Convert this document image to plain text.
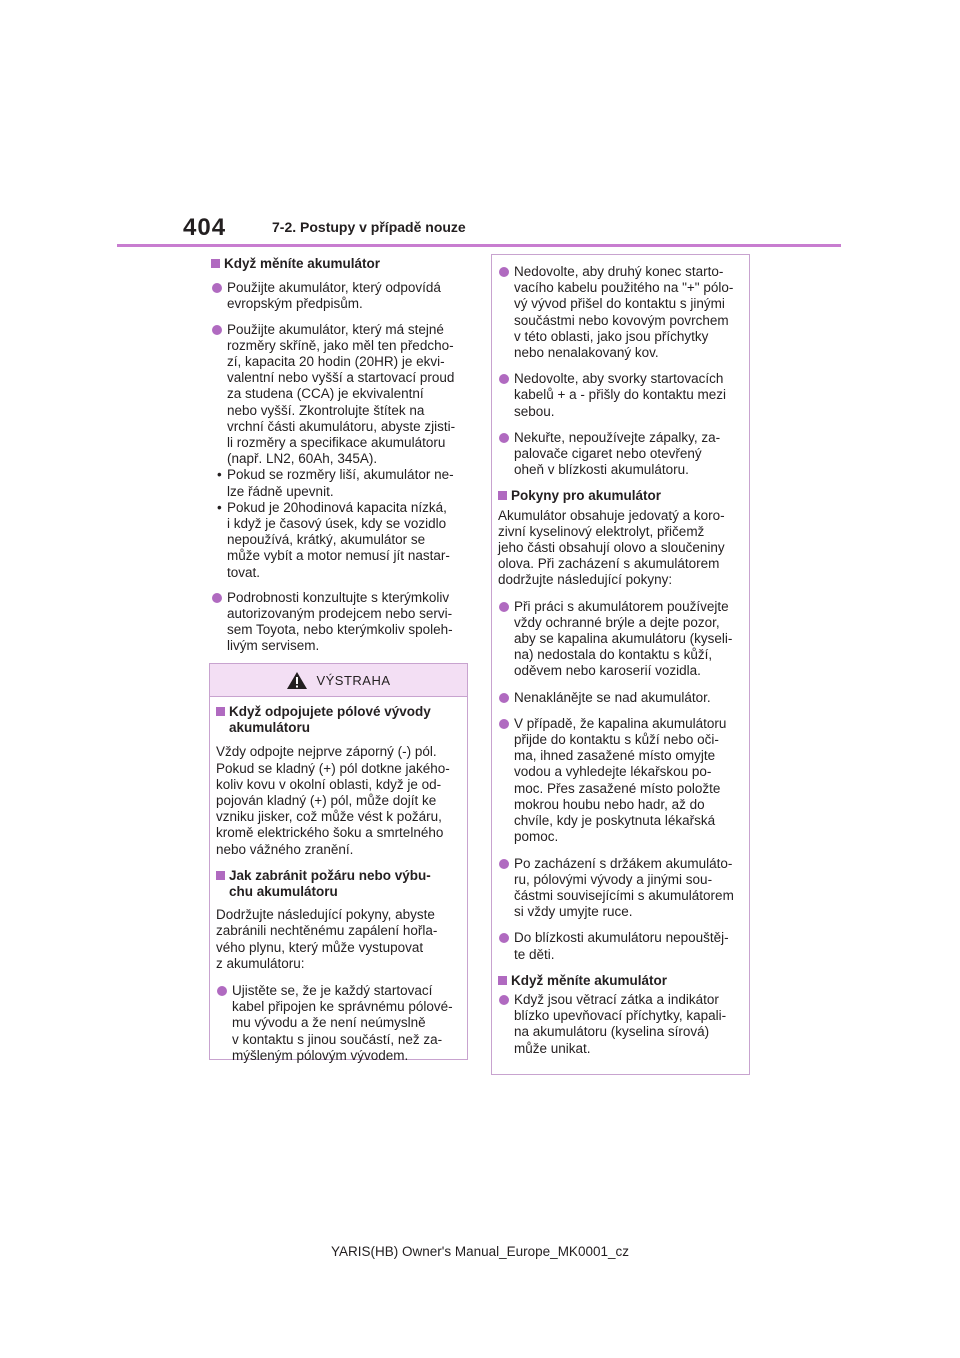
404	7-2. Postupy v případě nouze

Když měníte akumulátor

Použijte akumulátor, který odpovídá
evropským předpisům.

Použijte akumulátor, který má stejné
rozměry skříně, jako měl ten předcho-
zí, kapacita 20 hodin (20HR) je ekvi-
valentní nebo vyšší a startovací proud
za studena (CCA) je ekvivalentní
nebo vyšší. Zkontrolujte štítek na
vrchní části akumulátoru, abyste zjisti-
li rozměry a specifikace akumulátoru
(např. LN2, 60Ah, 345A).

• Pokud se rozměry liší, akumulátor ne-
lze řádně upevnit.

• Pokud je 20hodinová kapacita nízká,
i když je časový úsek, kdy se vozidlo
nepoužívá, krátký, akumulátor se
může vybít a motor nemusí jít nastar-
tovat.

Podrobnosti konzultujte s kterýmkoliv
autorizovaným prodejcem nebo servi-
sem Toyota, nebo kterýmkoliv spoleh-
livým servisem.

VÝSTRAHA

Když odpojujete pólové vývody
akumulátoru

Vždy odpojte nejprve záporný (-) pól.
Pokud se kladný (+) pól dotkne jakého-
koliv kovu v okolní oblasti, když je od-
pojován kladný (+) pól, může dojít ke
vzniku jisker, což může vést k požáru,
kromě elektrického šoku a smrtelného
nebo vážného zranění.

Jak zabránit požáru nebo výbu-
chu akumulátoru

Dodržujte následující pokyny, abyste
zabránili nechtěnému zapálení hořla-
vého plynu, který může vystupovat
z akumulátoru:

Ujistěte se, že je každý startovací
kabel připojen ke správnému pólové-
mu vývodu a že není neúmyslně
v kontaktu s jinou součástí, než za-
mýšleným pólovým vývodem.

Nedovolte, aby druhý konec starto-
vacího kabelu použitého na "+" pólo-
vý vývod přišel do kontaktu s jinými
součástmi nebo kovovým povrchem
v této oblasti, jako jsou příchytky
nebo nenalakovaný kov.

Nedovolte, aby svorky startovacích
kabelů + a - přišly do kontaktu mezi
sebou.

Nekuřte, nepoužívejte zápalky, za-
palovače cigaret nebo otevřený
oheň v blízkosti akumulátoru.

Pokyny pro akumulátor

Akumulátor obsahuje jedovatý a koro-
zivní kyselinový elektrolyt, přičemž
jeho části obsahují olovo a sloučeniny
olova. Při zacházení s akumulátorem
dodržujte následující pokyny:

Při práci s akumulátorem používejte
vždy ochranné brýle a dejte pozor,
aby se kapalina akumulátoru (kyseli-
na) nedostala do kontaktu s kůží,
oděvem nebo karoserií vozidla.

Nenaklánějte se nad akumulátor.

V případě, že kapalina akumulátoru
přijde do kontaktu s kůží nebo oči-
ma, ihned zasažené místo omyjte
vodou a vyhledejte lékařskou po-
moc. Přes zasažené místo položte
mokrou houbu nebo hadr, až do
chvíle, kdy je poskytnuta lékařská
pomoc.

Po zacházení s držákem akumuláto-
ru, pólovými vývody a jinými sou-
částmi souvisejícími s akumulátorem
si vždy umyjte ruce.

Do blízkosti akumulátoru nepouštěj-
te děti.

Když měníte akumulátor

Když jsou větrací zátka a indikátor
blízko upevňovací příchytky, kapali-
na akumulátoru (kyselina sírová)
může unikat.

YARIS(HB) Owner's Manual_Europe_MK0001_cz
